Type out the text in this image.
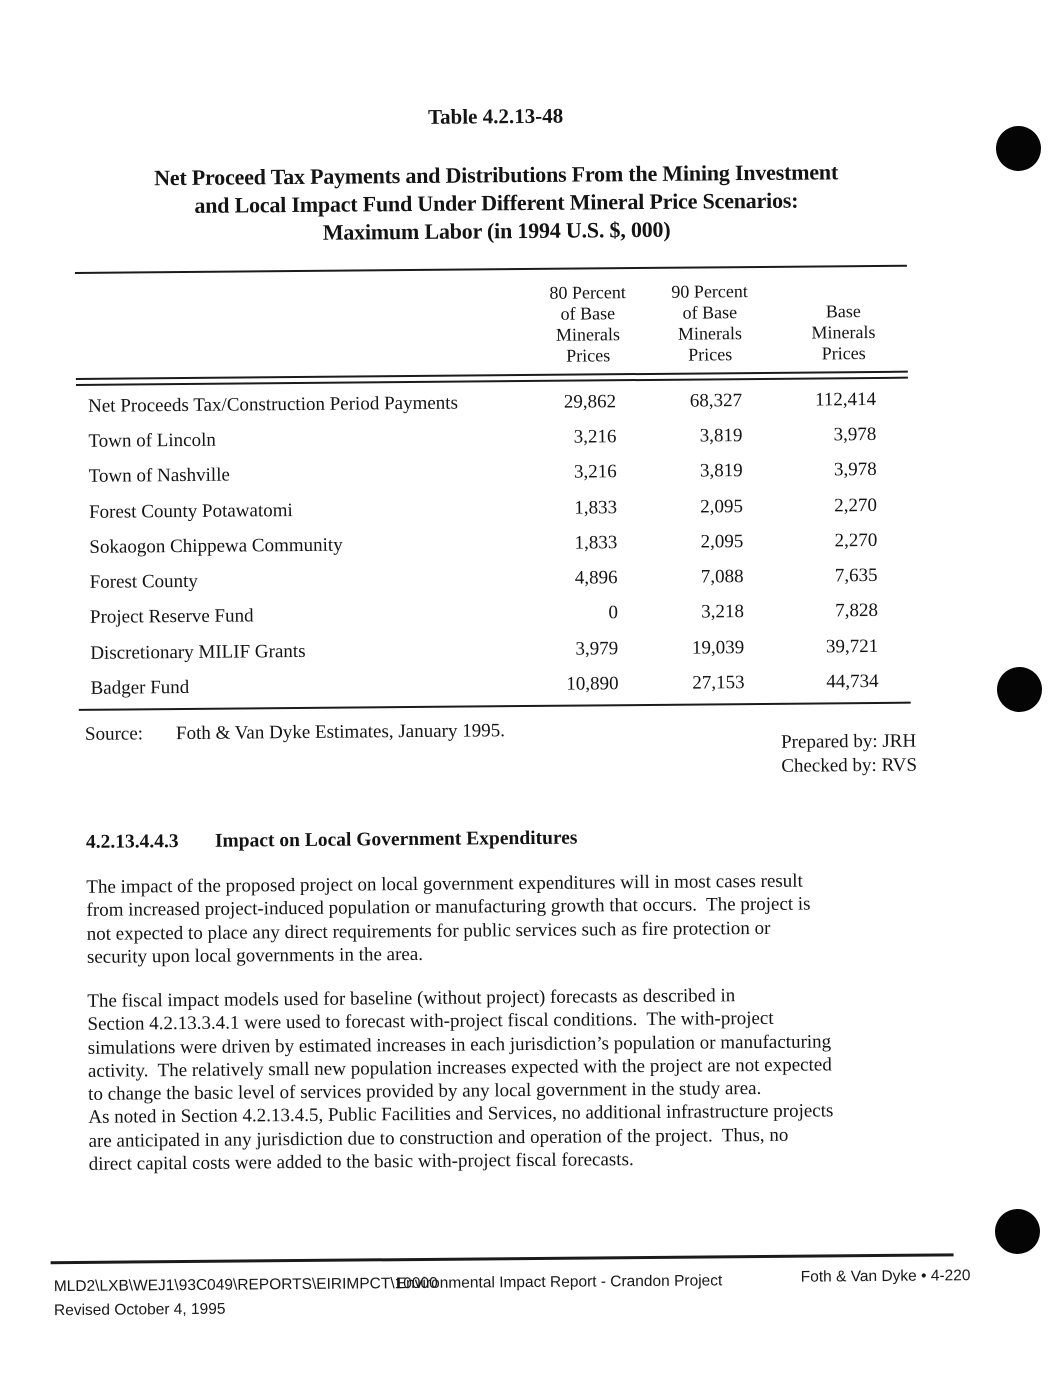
Table 4.2.13-48
Net Proceed Tax Payments and Distributions From the Mining Investment
and Local Impact Fund Under Different Mineral Price Scenarios:
Maximum Labor (in 1994 U.S. $, 000)
80 Percent
of Base
Minerals
Prices
90 Percent
of Base
Minerals
Prices
Base
Minerals
Prices
Net Proceeds Tax/Construction Period Payments	29,862	68,327	112,414
Town of Lincoln	3,216	3,819	3,978
Town of Nashville	3,216	3,819	3,978
Forest County Potawatomi	1,833	2,095	2,270
Sokaogon Chippewa Community	1,833	2,095	2,270
Forest County	4,896	7,088	7,635
Project Reserve Fund	0	3,218	7,828
Discretionary MILIF Grants	3,979	19,039	39,721
Badger Fund	10,890	27,153	44,734
Source:	Foth & Van Dyke Estimates, January 1995.	Prepared by: JRH
Checked by: RVS
4.2.13.4.4.3	Impact on Local Government Expenditures
The impact of the proposed project on local government expenditures will in most cases result
from increased project-induced population or manufacturing growth that occurs.  The project is
not expected to place any direct requirements for public services such as fire protection or
security upon local governments in the area.
The fiscal impact models used for baseline (without project) forecasts as described in
Section 4.2.13.3.4.1 were used to forecast with-project fiscal conditions.  The with-project
simulations were driven by estimated increases in each jurisdiction’s population or manufacturing
activity.  The relatively small new population increases expected with the project are not expected
to change the basic level of services provided by any local government in the study area.
As noted in Section 4.2.13.4.5, Public Facilities and Services, no additional infrastructure projects
are anticipated in any jurisdiction due to construction and operation of the project.  Thus, no
direct capital costs were added to the basic with-project fiscal forecasts.
MLD2\LXB\WEJ1\93C049\REPORTS\EIRIMPCT\10000
Environmental Impact Report - Crandon Project	Foth & Van Dyke • 4-220
Revised October 4, 1995
